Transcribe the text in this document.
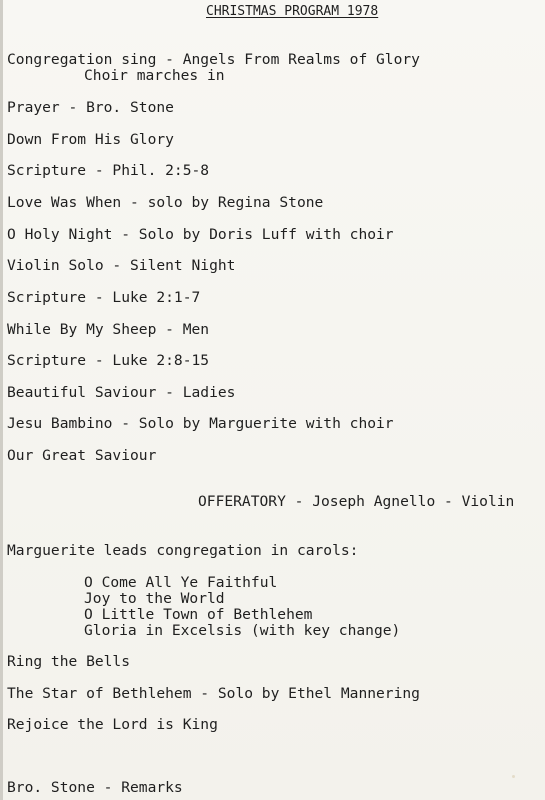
CHRISTMAS PROGRAM 1978
Congregation sing - Angels From Realms of Glory
Choir marches in
Prayer - Bro. Stone
Down From His Glory
Scripture - Phil. 2:5-8
Love Was When - solo by Regina Stone
O Holy Night - Solo by Doris Luff with choir
Violin Solo - Silent Night
Scripture - Luke 2:1-7
While By My Sheep - Men
Scripture - Luke 2:8-15
Beautiful Saviour - Ladies
Jesu Bambino - Solo by Marguerite with choir
Our Great Saviour
OFFERATORY - Joseph Agnello - Violin
Marguerite leads congregation in carols:
O Come All Ye Faithful
Joy to the World
O Little Town of Bethlehem
Gloria in Excelsis (with key change)
Ring the Bells
The Star of Bethlehem - Solo by Ethel Mannering
Rejoice the Lord is King
Bro. Stone - Remarks
